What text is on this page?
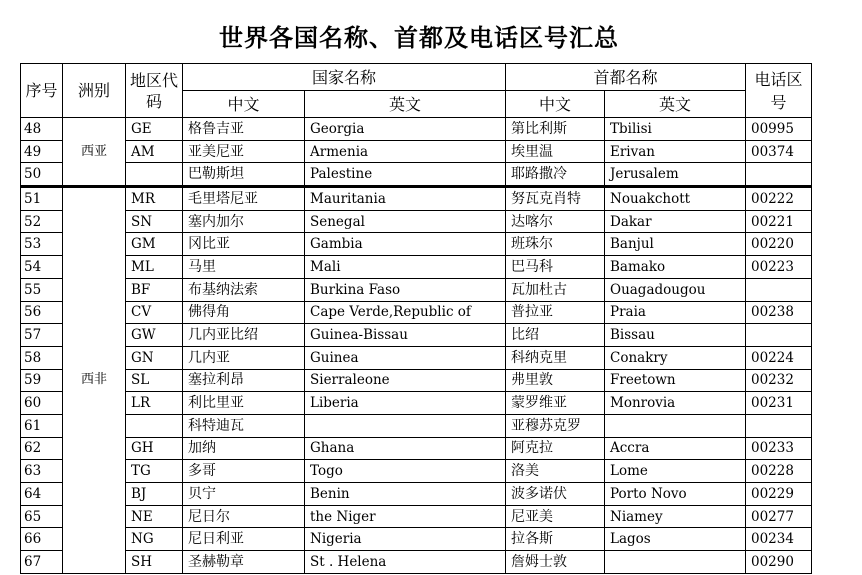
世界各国名称、首都及电话区号汇总
序号	洲别	地区代码	国家名称		首都名称		电话区号
			中文	英文	中文	英文	
48	西亚	GE	格鲁吉亚	Georgia	第比利斯	Tbilisi	00995
49		AM	亚美尼亚	Armenia	埃里温	Erivan	00374
50			巴勒斯坦	Palestine	耶路撒冷	Jerusalem	
51	西非	MR	毛里塔尼亚	Mauritania	努瓦克肖特	Nouakchott	00222
52		SN	塞内加尔	Senegal	达喀尔	Dakar	00221
53		GM	冈比亚	Gambia	班珠尔	Banjul	00220
54		ML	马里	Mali	巴马科	Bamako	00223
55		BF	布基纳法索	Burkina Faso	瓦加杜古	Ouagadougou	
56		CV	佛得角	Cape Verde,Republic of	普拉亚	Praia	00238
57		GW	几内亚比绍	Guinea-Bissau	比绍	Bissau	
58		GN	几内亚	Guinea	科纳克里	Conakry	00224
59		SL	塞拉利昂	Sierraleone	弗里敦	Freetown	00232
60		LR	利比里亚	Liberia	蒙罗维亚	Monrovia	00231
61			科特迪瓦		亚穆苏克罗		
62		GH	加纳	Ghana	阿克拉	Accra	00233
63		TG	多哥	Togo	洛美	Lome	00228
64		BJ	贝宁	Benin	波多诺伏	Porto Novo	00229
65		NE	尼日尔	the Niger	尼亚美	Niamey	00277
66		NG	尼日利亚	Nigeria	拉各斯	Lagos	00234
67		SH	圣赫勒章	St . Helena	詹姆士敦		00290
